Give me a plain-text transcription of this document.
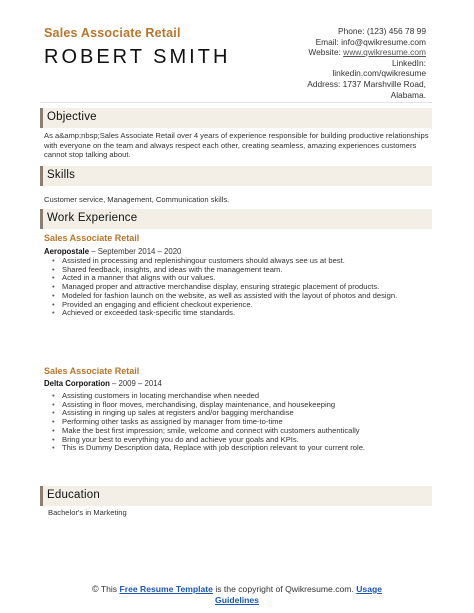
Sales Associate Retail
ROBERT SMITH
Phone: (123) 456 78 99
Email: info@qwikresume.com
Website: www.qwikresume.com
LinkedIn:
linkedin.com/qwikresume
Address: 1737 Marshville Road,
Alabama.
Objective
As a&amp;nbsp;Sales Associate Retail over 4 years of experience responsible for building productive relationships with everyone on the team and always respect each other, creating seamless, amazing experiences customers cannot stop talking about.
Skills
Customer service, Management, Communication skills.
Work Experience
Sales Associate Retail
Aeropostale – September 2014 – 2020
• Assisted in processing and replenishingour customers should always see us at best.
• Shared feedback, insights, and ideas with the management team.
• Acted in a manner that aligns with our values.
• Managed proper and attractive merchandise display, ensuring strategic placement of products.
• Modeled for fashion launch on the website, as well as assisted with the layout of photos and design.
• Provided an engaging and efficient checkout experience.
• Achieved or exceeded task-specific time standards.
Sales Associate Retail
Delta Corporation – 2009 – 2014
• Assisting customers in locating merchandise when needed
• Assisting in floor moves, merchandising, display maintenance, and housekeeping
• Assisting in ringing up sales at registers and/or bagging merchandise
• Performing other tasks as assigned by manager from time-to-time
• Make the best first impression; smile, welcome and connect with customers authentically
• Bring your best to everything you do and achieve your goals and KPIs.
• This is Dummy Description data, Replace with job description relevant to your current role.
Education
Bachelor's in Marketing
© This Free Resume Template is the copyright of Qwikresume.com. Usage
Guidelines
